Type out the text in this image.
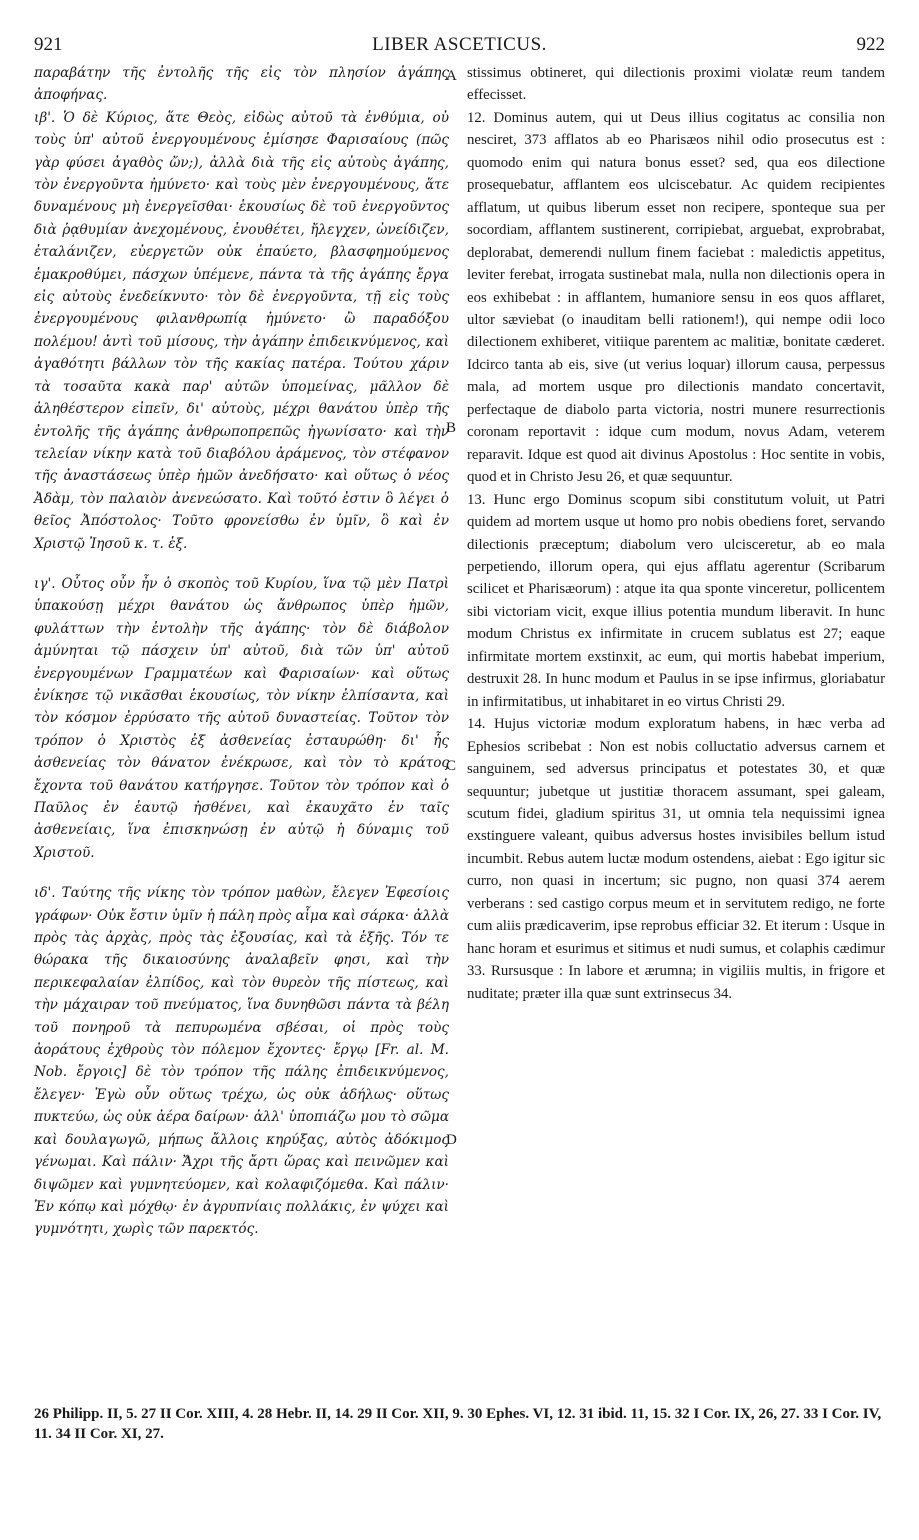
921	LIBER ASCETICUS.	922

παραβάτην τῆς ἐντολῆς τῆς εἰς τὸν πλησίον ἀγάπης ἀποφήνας.

ιβ'. Ὁ δὲ Κύριος, ἅτε Θεὸς, εἰδὼς αὐτοῦ τὰ ἐνθύμια, οὐ τοὺς ὑπ' αὐτοῦ ἐνεργουμένους ἐμίσησε Φαρισαίους (πῶς γὰρ φύσει ἀγαθὸς ὤν;), ἀλλὰ διὰ τῆς εἰς αὐτοὺς ἀγάπης, τὸν ἐνεργοῦντα ἠμύνετο· καὶ τοὺς μὲν ἐνεργουμένους, ἅτε δυναμένους μὴ ἐνεργεῖσθαι· ἑκουσίως δὲ τοῦ ἐνεργοῦντος διὰ ῥᾳθυμίαν ἀνεχομένους, ἐνουθέτει, ἤλεγχεν, ὠνείδιζεν, ἐταλάνιζεν, εὐεργετῶν οὐκ ἐπαύετο, βλασφημούμενος ἐμακροθύμει, πάσχων ὑπέμενε, πάντα τὰ τῆς ἀγάπης ἔργα εἰς αὐτοὺς ἐνεδείκνυτο· τὸν δὲ ἐνεργοῦντα, τῇ εἰς τοὺς ἐνεργουμένους φιλανθρωπίᾳ ἠμύνετο· ὢ παραδόξου πολέμου! ἀντὶ τοῦ μίσους, τὴν ἀγάπην ἐπιδεικνύμενος, καὶ ἀγαθότητι βάλλων τὸν τῆς κακίας πατέρα. Τούτου χάριν τὰ τοσαῦτα κακὰ παρ' αὐτῶν ὑπομείνας, μᾶλλον δὲ ἀληθέστερον εἰπεῖν, δι' αὐτοὺς, μέχρι θανάτου ὑπὲρ τῆς ἐντολῆς τῆς ἀγάπης ἀνθρωποπρεπῶς ἠγωνίσατο· καὶ τὴν τελείαν νίκην κατὰ τοῦ διαβόλου ἀράμενος, τὸν στέφανον τῆς ἀναστάσεως ὑπὲρ ἡμῶν ἀνεδήσατο· καὶ οὕτως ὁ νέος Ἀδὰμ, τὸν παλαιὸν ἀνενεώσατο. Καὶ τοῦτό ἐστιν ὃ λέγει ὁ θεῖος Ἀπόστολος· Τοῦτο φρονείσθω ἐν ὑμῖν, ὃ καὶ ἐν Χριστῷ Ἰησοῦ κ. τ. ἑξ.

ιγ'. Οὗτος οὖν ἦν ὁ σκοπὸς τοῦ Κυρίου, ἵνα τῷ μὲν Πατρὶ ὑπακούσῃ μέχρι θανάτου ὡς ἄνθρωπος ὑπὲρ ἡμῶν, φυλάττων τὴν ἐντολὴν τῆς ἀγάπης· τὸν δὲ διάβολον ἀμύνηται τῷ πάσχειν ὑπ' αὐτοῦ, διὰ τῶν ὑπ' αὐτοῦ ἐνεργουμένων Γραμματέων καὶ Φαρισαίων· καὶ οὕτως ἐνίκησε τῷ νικᾶσθαι ἑκουσίως, τὸν νίκην ἐλπίσαντα, καὶ τὸν κόσμον ἐρρύσατο τῆς αὐτοῦ δυναστείας. Τοῦτον τὸν τρόπον ὁ Χριστὸς ἐξ ἀσθενείας ἐσταυρώθη· δι' ἧς ἀσθενείας τὸν θάνατον ἐνέκρωσε, καὶ τὸν τὸ κράτος ἔχοντα τοῦ θανάτου κατήργησε. Τοῦτον τὸν τρόπον καὶ ὁ Παῦλος ἐν ἑαυτῷ ἠσθένει, καὶ ἐκαυχᾶτο ἐν ταῖς ἀσθενείαις, ἵνα ἐπισκηνώσῃ ἐν αὐτῷ ἡ δύναμις τοῦ Χριστοῦ.

ιδ'. Ταύτης τῆς νίκης τὸν τρόπον μαθὼν, ἔλεγεν Ἐφεσίοις γράφων· Οὐκ ἔστιν ὑμῖν ἡ πάλη πρὸς αἷμα καὶ σάρκα· ἀλλὰ πρὸς τὰς ἀρχὰς, πρὸς τὰς ἐξουσίας, καὶ τὰ ἑξῆς. Τόν τε θώρακα τῆς δικαιοσύνης ἀναλαβεῖν φησι, καὶ τὴν περικεφαλαίαν ἐλπίδος, καὶ τὸν θυρεὸν τῆς πίστεως, καὶ τὴν μάχαιραν τοῦ πνεύματος, ἵνα δυνηθῶσι πάντα τὰ βέλη τοῦ πονηροῦ τὰ πεπυρωμένα σβέσαι, οἱ πρὸς τοὺς ἀοράτους ἐχθροὺς τὸν πόλεμον ἔχοντες· ἔργῳ [Fr. al. M. Nob. ἔργοις] δὲ τὸν τρόπον τῆς πάλης ἐπιδεικνύμενος, ἔλεγεν· Ἐγὼ οὖν οὕτως τρέχω, ὡς οὐκ ἀδήλως· οὕτως πυκτεύω, ὡς οὐκ ἀέρα δαίρων· ἀλλ' ὑποπιάζω μου τὸ σῶμα καὶ δουλαγωγῶ, μήπως ἄλλοις κηρύξας, αὐτὸς ἀδόκιμος γένωμαι. Καὶ πάλιν· Ἄχρι τῆς ἄρτι ὥρας καὶ πεινῶμεν καὶ διψῶμεν καὶ γυμνητεύομεν, καὶ κολαφιζόμεθα. Καὶ πάλιν· Ἐν κόπῳ καὶ μόχθῳ· ἐν ἀγρυπνίαις πολλάκις, ἐν ψύχει καὶ γυμνότητι, χωρὶς τῶν παρεκτός.

A
B
C
D

stissimus obtineret, qui dilectionis proximi violatæ reum tandem effecisset.

12. Dominus autem, qui ut Deus illius cogitatus ac consilia non nesciret, 373 afflatos ab eo Pharisæos nihil odio prosecutus est : quomodo enim qui natura bonus esset? sed, qua eos dilectione prosequebatur, afflantem eos ulciscebatur. Ac quidem recipientes afflatum, ut quibus liberum esset non recipere, sponteque sua per socordiam, afflantem sustinerent, corripiebat, arguebat, exprobrabat, deplorabat, demerendi nullum finem faciebat : maledictis appetitus, leviter ferebat, irrogata sustinebat mala, nulla non dilectionis opera in eos exhibebat : in afflantem, humaniore sensu in eos quos afflaret, ultor sæviebat (o inauditam belli rationem!), qui nempe odii loco dilectionem exhiberet, vitiique parentem ac malitiæ, bonitate cæderet. Idcirco tanta ab eis, sive (ut verius loquar) illorum causa, perpessus mala, ad mortem usque pro dilectionis mandato concertavit, perfectaque de diabolo parta victoria, nostri munere resurrectionis coronam reportavit : idque cum modum, novus Adam, veterem reparavit. Idque est quod ait divinus Apostolus : Hoc sentite in vobis, quod et in Christo Jesu 26, et quæ sequuntur.

13. Hunc ergo Dominus scopum sibi constitutum voluit, ut Patri quidem ad mortem usque ut homo pro nobis obediens foret, servando dilectionis præceptum; diabolum vero ulcisceretur, ab eo mala perpetiendo, illorum opera, qui ejus afflatu agerentur (Scribarum scilicet et Pharisæorum) : atque ita qua sponte vinceretur, pollicentem sibi victoriam vicit, exque illius potentia mundum liberavit. In hunc modum Christus ex infirmitate in crucem sublatus est 27; eaque infirmitate mortem exstinxit, ac eum, qui mortis habebat imperium, destruxit 28. In hunc modum et Paulus in se ipse infirmus, gloriabatur in infirmitatibus, ut inhabitaret in eo virtus Christi 29.

14. Hujus victoriæ modum exploratum habens, in hæc verba ad Ephesios scribebat : Non est nobis colluctatio adversus carnem et sanguinem, sed adversus principatus et potestates 30, et quæ sequuntur; jubetque ut justitiæ thoracem assumant, spei galeam, scutum fidei, gladium spiritus 31, ut omnia tela nequissimi ignea exstinguere valeant, quibus adversus hostes invisibiles bellum istud incumbit. Rebus autem luctæ modum ostendens, aiebat : Ego igitur sic curro, non quasi in incertum; sic pugno, non quasi 374 aerem verberans : sed castigo corpus meum et in servitutem redigo, ne forte cum aliis prædicaverim, ipse reprobus efficiar 32. Et iterum : Usque in hanc horam et esurimus et sitimus et nudi sumus, et colaphis cædimur 33. Rursusque : In labore et ærumna; in vigiliis multis, in frigore et nuditate; præter illa quæ sunt extrinsecus 34.

26 Philipp. II, 5. 27 II Cor. XIII, 4. 28 Hebr. II, 14. 29 II Cor. XII, 9. 30 Ephes. VI, 12. 31 ibid. 11, 15. 32 I Cor. IX, 26, 27. 33 I Cor. IV, 11. 34 II Cor. XI, 27.
